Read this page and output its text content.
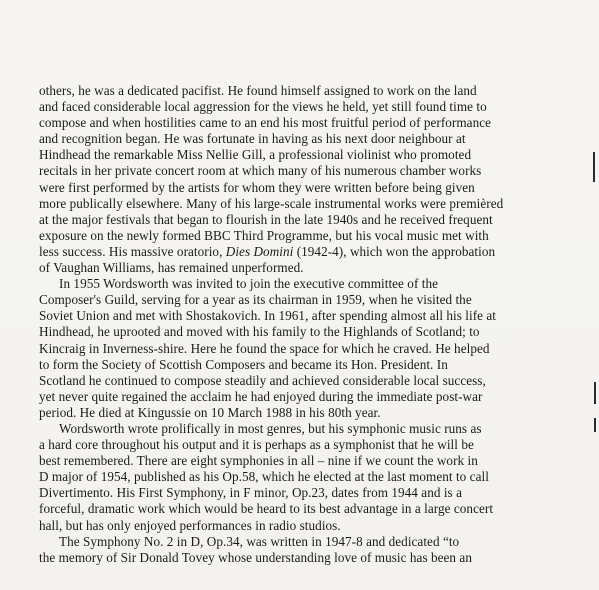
others, he was a dedicated pacifist. He found himself assigned to work on the land
and faced considerable local aggression for the views he held, yet still found time to
compose and when hostilities came to an end his most fruitful period of performance
and recognition began. He was fortunate in having as his next door neighbour at
Hindhead the remarkable Miss Nellie Gill, a professional violinist who promoted
recitals in her private concert room at which many of his numerous chamber works
were first performed by the artists for whom they were written before being given
more publically elsewhere. Many of his large-scale instrumental works were premièred
at the major festivals that began to flourish in the late 1940s and he received frequent
exposure on the newly formed BBC Third Programme, but his vocal music met with
less success. His massive oratorio, Dies Domini (1942-4), which won the approbation
of Vaughan Williams, has remained unperformed.
In 1955 Wordsworth was invited to join the executive committee of the
Composer's Guild, serving for a year as its chairman in 1959, when he visited the
Soviet Union and met with Shostakovich. In 1961, after spending almost all his life at
Hindhead, he uprooted and moved with his family to the Highlands of Scotland; to
Kincraig in Inverness-shire. Here he found the space for which he craved. He helped
to form the Society of Scottish Composers and became its Hon. President. In
Scotland he continued to compose steadily and achieved considerable local success,
yet never quite regained the acclaim he had enjoyed during the immediate post-war
period. He died at Kingussie on 10 March 1988 in his 80th year.
Wordsworth wrote prolifically in most genres, but his symphonic music runs as
a hard core throughout his output and it is perhaps as a symphonist that he will be
best remembered. There are eight symphonies in all – nine if we count the work in
D major of 1954, published as his Op.58, which he elected at the last moment to call
Divertimento. His First Symphony, in F minor, Op.23, dates from 1944 and is a
forceful, dramatic work which would be heard to its best advantage in a large concert
hall, but has only enjoyed performances in radio studios.
The Symphony No. 2 in D, Op.34, was written in 1947-8 and dedicated “to
the memory of Sir Donald Tovey whose understanding love of music has been an
